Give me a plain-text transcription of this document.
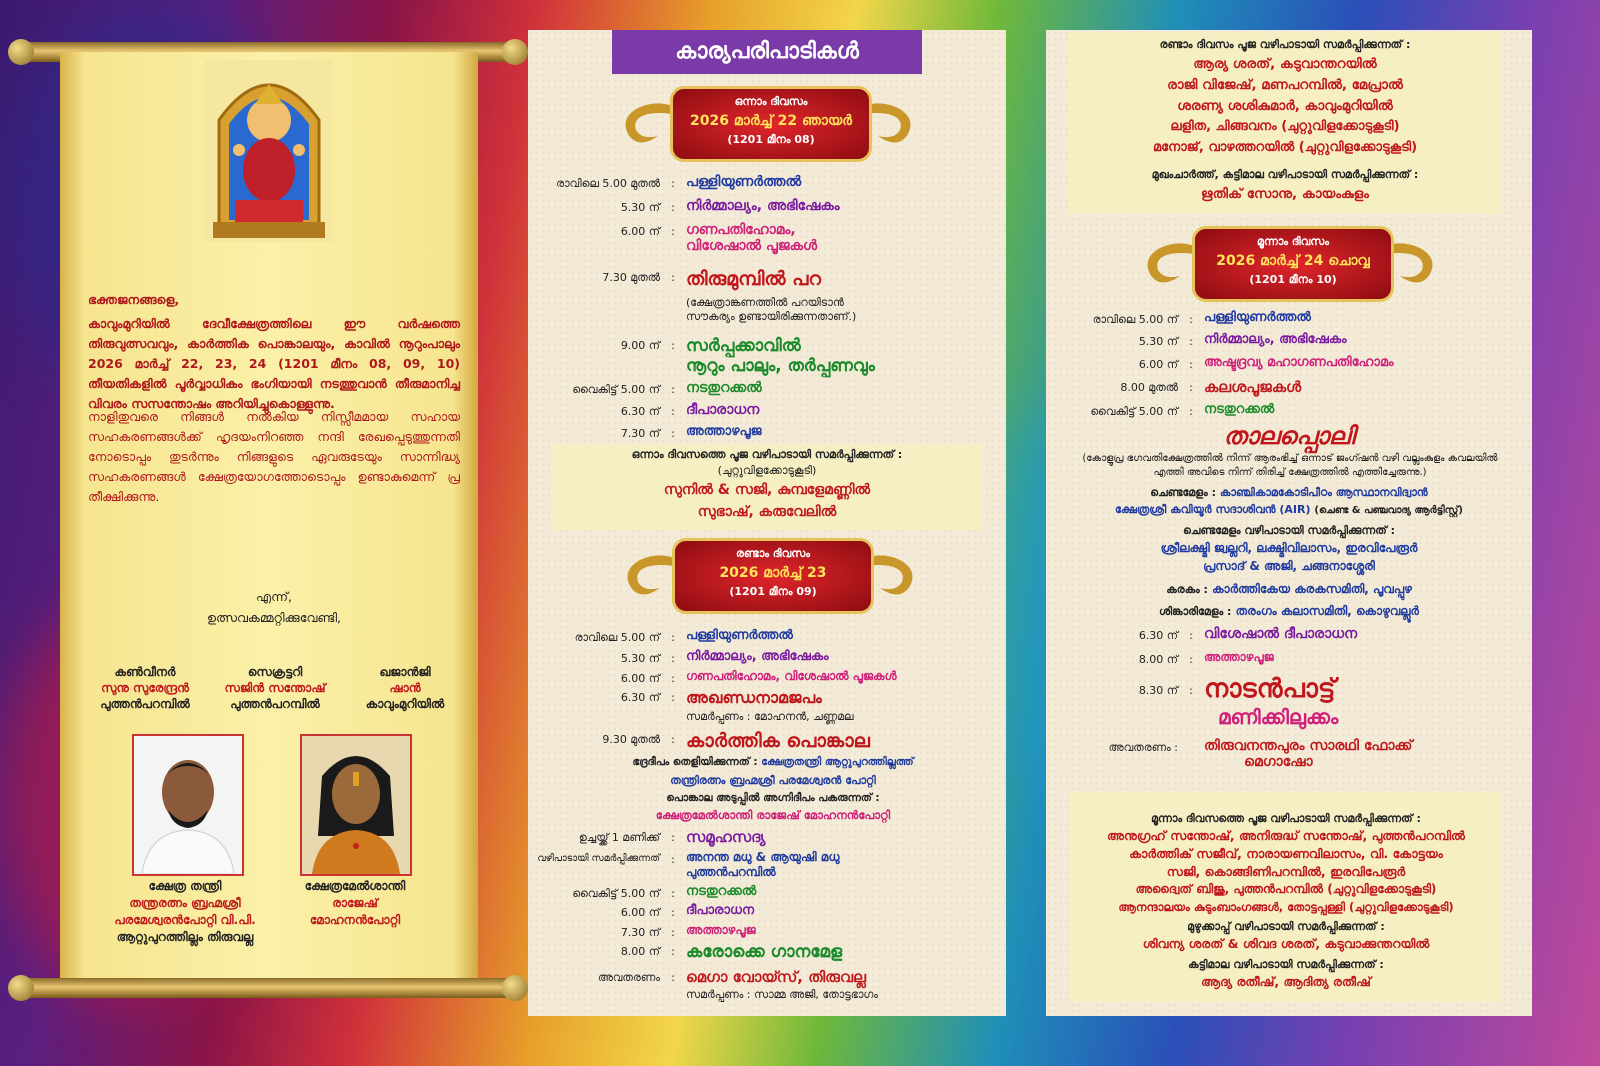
ഭക്തജനങ്ങളെ,
കാവുംമുറിയിൽ ദേവീക്ഷേത്രത്തിലെ ഈ വർഷത്തെ തിരുവുത്സവവും, കാർത്തിക പൊങ്കാലയും, കാവിൽ നൂറുംപാലും 2026 മാർച്ച് 22, 23, 24 (1201 മീനം 08, 09, 10) തീയതികളിൽ പൂർവ്വാധികം ഭംഗിയായി നടത്തുവാൻ തീരുമാനിച്ച വിവരം സസന്തോഷം അറിയിച്ചുകൊള്ളുന്നു.
നാളിതുവരെ നിങ്ങൾ നൽകിയ നിസ്സീമമായ സഹായ സഹകരണങ്ങൾക്ക് ഹൃദയംനിറഞ്ഞ നന്ദി രേഖപ്പെടുത്തുന്നതി നോടൊപ്പം തുടർന്നും നിങ്ങളുടെ ഏവരുടേയും സാന്നിദ്ധ്യ സഹകരണങ്ങൾ ക്ഷേത്രയോഗത്തോടൊപ്പം ഉണ്ടാകുമെന്ന് പ്ര തീക്ഷിക്കുന്നു.
എന്ന്,
ഉത്സവകമ്മറ്റിക്കുവേണ്ടി,
കൺവീനർ
സുനു സുരേന്ദ്രൻ
പുത്തൻപറമ്പിൽ
സെക്രട്ടറി
സജിൻ സന്തോഷ്
പുത്തൻപറമ്പിൽ
ഖജാൻജി
ഷാൻ
കാവുംമുറിയിൽ
ക്ഷേത്ര തന്ത്രി
തന്ത്രരത്നം ബ്രഹ്മശ്രീ
പരമേശ്വരൻപോറ്റി വി.പി.
ആറ്റുപുറത്തില്ലം തിരുവല്ല
ക്ഷേത്രമേൽശാന്തി
രാജേഷ്
മോഹനൻപോറ്റി
കാര്യപരിപാടികൾ
ഒന്നാം ദിവസം
2026 മാർച്ച് 22 ഞായർ
(1201 മീനം 08)
രാവിലെ 5.00 മുതൽ	: പള്ളിയുണർത്തൽ
5.30 ന്	: നിർമ്മാല്യം, അഭിഷേകം
6.00 ന്	: ഗണപതിഹോമം,
വിശേഷാൽ പൂജകൾ
7.30 മുതൽ	: തിരുമുമ്പിൽ പറ
(ക്ഷേത്രാങ്കണത്തിൽ പറയിടാൻ
സൗകര്യം ഉണ്ടായിരിക്കുന്നതാണ്.)
9.00 ന്	: സർപ്പക്കാവിൽ
നൂറും പാലും, തർപ്പണവും
വൈകിട്ട് 5.00 ന്	: നടതുറക്കൽ
6.30 ന്	: ദീപാരാധന
7.30 ന്	: അത്താഴപൂജ
ഒന്നാം ദിവസത്തെ പൂജ വഴിപാടായി സമർപ്പിക്കുന്നത് :
(ചുറ്റുവിളക്കോടുകൂടി)
സുനിൽ & സജി, കുമ്പളേമണ്ണിൽ
സുഭാഷ്, കരുവേലിൽ
രണ്ടാം ദിവസം
2026 മാർച്ച് 23
(1201 മീനം 09)
രാവിലെ 5.00 ന്	: പള്ളിയുണർത്തൽ
5.30 ന്	: നിർമ്മാല്യം, അഭിഷേകം
6.00 ന്	: ഗണപതിഹോമം, വിശേഷാൽ പൂജകൾ
6.30 ന്	: അഖണ്ഡനാമജപം
സമർപ്പണം : മോഹനൻ, ചണ്ണമല
9.30 മുതൽ	: കാർത്തിക പൊങ്കാല
ഭദ്രദീപം തെളിയിക്കുന്നത് : ക്ഷേത്രതന്ത്രി ആറ്റുപുറത്തില്ലത്ത്
തന്ത്രിരത്നം ബ്രഹ്മശ്രീ പരമേശ്വരൻ പോറ്റി
പൊങ്കാല അടുപ്പിൽ അഗ്നിദീപം പകരുന്നത് :
ക്ഷേത്രമേൽശാന്തി രാജേഷ് മോഹനൻപോറ്റി
ഉച്ചയ്ക്ക് 1 മണിക്ക്	: സമൂഹസദ്യ
വഴിപാടായി സമർപ്പിക്കുന്നത്	: അനന്ത മധു & ആയുഷി മധു
പുത്തൻപറമ്പിൽ
വൈകിട്ട് 5.00 ന്	: നടതുറക്കൽ
6.00 ന്	: ദീപാരാധന
7.30 ന്	: അത്താഴപൂജ
8.00 ന്	: കരോക്കെ ഗാനമേള
അവതരണം	: മെഗാ വോയ്സ്, തിരുവല്ല
സമർപ്പണം : സാമ്മ അജി, തോട്ടഭാഗം
രണ്ടാം ദിവസം പൂജ വഴിപാടായി സമർപ്പിക്കുന്നത് :
ആര്യ ശരത്, കടുവാന്തറയിൽ
രാജി വിജേഷ്, മണപറമ്പിൽ, മേപ്രാൽ
ശരണ്യ ശശികുമാർ, കാവുംമുറിയിൽ
ലളിത, ചിങ്ങവനം (ചുറ്റുവിളക്കോടുകൂടി)
മനോജ്, വാഴത്തറയിൽ (ചുറ്റുവിളക്കോടുകൂടി)
മുഖംചാർത്ത്, കട്ടിമാല വഴിപാടായി സമർപ്പിക്കുന്നത് :
ഋതിക് സോനു, കായംകുളം
മൂന്നാം ദിവസം
2026 മാർച്ച് 24 ചൊവ്വ
(1201 മീനം 10)
രാവിലെ 5.00 ന്	: പള്ളിയുണർത്തൽ
5.30 ന്	: നിർമ്മാല്യം, അഭിഷേകം
6.00 ന്	: അഷ്ടദ്രവ്യ മഹാഗണപതിഹോമം
8.00 മുതൽ	: കലശപൂജകൾ
വൈകിട്ട് 5.00 ന്	: നടതുറക്കൽ
താലപ്പൊലി
(കോളൂപ്ര ഭഗവതിക്ഷേത്രത്തിൽ നിന്ന് ആരംഭിച്ച് ഒന്നാട് ജംഗ്ഷൻ വഴി വല്ലംകുളം കവലയിൽ എത്തി അവിടെ നിന്ന് തിരിച്ച് ക്ഷേത്രത്തിൽ എത്തിച്ചേരുന്നു.)
ചെണ്ടമേളം : കാഞ്ചികാമകോടിപീഠം ആസ്ഥാനവിദ്വാൻ
ക്ഷേത്രശ്രീ കവിയൂർ സദാശിവൻ (AIR) (ചെണ്ട & പഞ്ചവാദ്യ ആർട്ടിസ്റ്റ്)
ചെണ്ടമേളം വഴിപാടായി സമർപ്പിക്കുന്നത് :
ശ്രീലക്ഷ്മി ജ്വല്ലറി, ലക്ഷ്മിവിലാസം, ഇരവിപേരൂർ
പ്രസാദ് & അജി, ചങ്ങനാശ്ശേരി
കരകം : കാർത്തികേയ കരകസമിതി, പൂവപ്പുഴ
ശിങ്കാരിമേളം : തരംഗം കലാസമിതി, കൊഴുവല്ലൂർ
6.30 ന്	: വിശേഷാൽ ദീപാരാധന
8.00 ന്	: അത്താഴപൂജ
8.30 ന്	: നാടൻപാട്ട്
മണിക്കിലുക്കം
അവതരണം : തിരുവനന്തപുരം സാരഥി ഫോക്ക്
മെഗാഷോ
മൂന്നാം ദിവസത്തെ പൂജ വഴിപാടായി സമർപ്പിക്കുന്നത് :
അനുഗ്രഹ് സന്തോഷ്, അനിരുദ്ധ് സന്തോഷ്, പുത്തൻപറമ്പിൽ
കാർത്തിക് സജീവ്, നാരായണവിലാസം, വി. കോട്ടയം
സജി, കൊങ്ങിണിപറമ്പിൽ, ഇരവിപേരൂർ
അദ്വൈത് ബിജു, പുത്തൻപറമ്പിൽ (ചുറ്റുവിളക്കോടുകൂടി)
ആനന്ദാലയം കുടുംബാംഗങ്ങൾ, തോട്ടപ്പള്ളി (ചുറ്റുവിളക്കോടുകൂടി)
മുഴുക്കാപ്പ് വഴിപാടായി സമർപ്പിക്കുന്നത് :
ശിവന്യ ശരത് & ശിവദ ശരത്, കടുവാക്കുന്തറയിൽ
കട്ടിമാല വഴിപാടായി സമർപ്പിക്കുന്നത് :
ആദ്യ രതീഷ്, ആദിത്യ രതീഷ്
